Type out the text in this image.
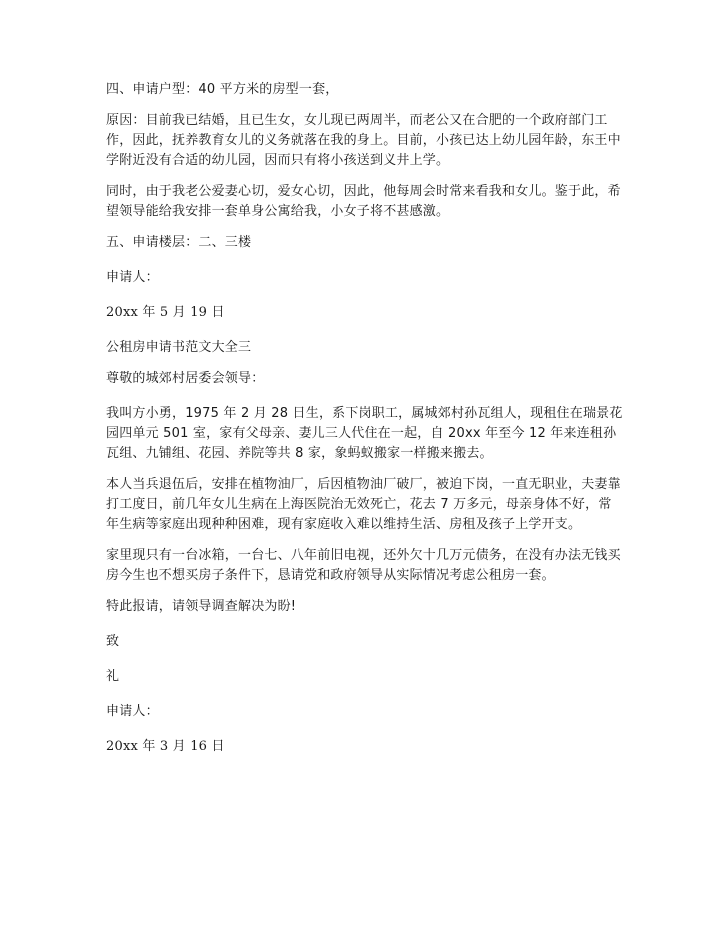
四、申请户型：40 平方米的房型一套，

原因：目前我已结婚，且已生女，女儿现已两周半，而老公又在合肥的一个政府部门工作，因此，抚养教育女儿的义务就落在我的身上。目前，小孩已达上幼儿园年龄，东王中学附近没有合适的幼儿园，因而只有将小孩送到义井上学。

同时，由于我老公爱妻心切，爱女心切，因此，他每周会时常来看我和女儿。鉴于此，希望领导能给我安排一套单身公寓给我，小女子将不甚感激。

五、申请楼层：二、三楼

申请人：

20xx 年 5 月 19 日

公租房申请书范文大全三

尊敬的城郊村居委会领导：

我叫方小勇，1975 年 2 月 28 日生，系下岗职工，属城郊村孙瓦组人，现租住在瑞景花园四单元 501 室，家有父母亲、妻儿三人代住在一起，自 20xx 年至今 12 年来连租孙瓦组、九铺组、花园、养院等共 8 家，象蚂蚁搬家一样搬来搬去。

本人当兵退伍后，安排在植物油厂，后因植物油厂破厂，被迫下岗，一直无职业，夫妻靠打工度日，前几年女儿生病在上海医院治无效死亡，花去 7 万多元，母亲身体不好，常年生病等家庭出现种种困难，现有家庭收入难以维持生活、房租及孩子上学开支。

家里现只有一台冰箱，一台七、八年前旧电视，还外欠十几万元债务，在没有办法无钱买房今生也不想买房子条件下，恳请党和政府领导从实际情况考虑公租房一套。

特此报请，请领导调查解决为盼!

致

礼

申请人：

20xx 年 3 月 16 日
